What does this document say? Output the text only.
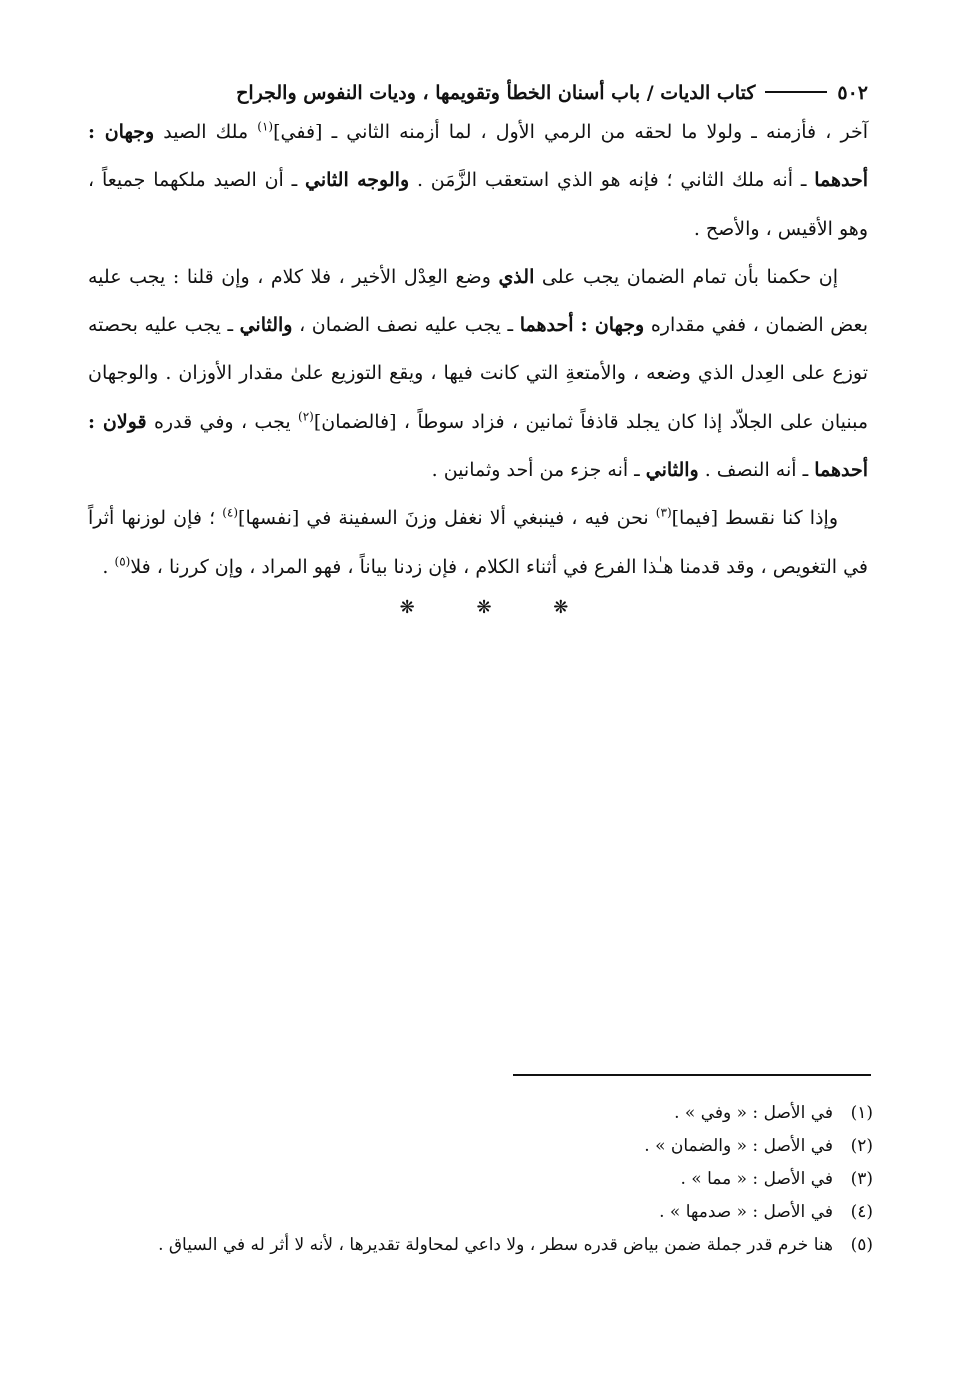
٥٠٢
كتاب الديات / باب أسنان الخطأ وتقويمها ، وديات النفوس والجراح

آخر ، فأزمنه ـ ولولا ما لحقه من الرمي الأول ، لما أزمنه الثاني ـ [ففي]$^{(١)}$ ملك الصيد وجهان : أحدهما ـ أنه ملك الثاني ؛ فإنه هو الذي استعقب الزَّمَن . والوجه الثاني ـ أن الصيد ملكهما جميعاً ، وهو الأقيس ، والأصح .

إن حكمنا بأن تمام الضمان يجب على الذي وضع العِدْل الأخير ، فلا كلام ، وإن قلنا : يجب عليه بعض الضمان ، ففي مقداره وجهان : أحدهما ـ يجب عليه نصف الضمان ، والثاني ـ يجب عليه بحصته توزع على العِدل الذي وضعه ، والأمتعةِ التي كانت فيها ، ويقع التوزيع علىٰ مقدار الأوزان . والوجهان مبنيان على الجلاّد إذا كان يجلد قاذفاً ثمانين ، فزاد سوطاً ، [فالضمان]$^{(٢)}$ يجب ، وفي قدره قولان : أحدهما ـ أنه النصف . والثاني ـ أنه جزء من أحد وثمانين .

وإذا كنا نقسط [فيما]$^{(٣)}$ نحن فيه ، فينبغي ألا نغفل وزنَ السفينة في [نفسها]$^{(٤)}$ ؛ فإن لوزنها أثراً في التغويص ، وقد قدمنا هـٰذا الفرع في أثناء الكلام ، فإن زدنا بياناً ، فهو المراد ، وإن كررنا ، فلا$^{(٥)}$ .

❋ ❋ ❋
(١)
في الأصل : « وفي » .
(٢)
في الأصل : « والضمان » .
(٣)
في الأصل : « مما » .
(٤)
في الأصل : « صدمها » .
(٥)
هنا خرم قدر جملة ضمن بياض قدره سطر ، ولا داعي لمحاولة تقديرها ، لأنه لا أثر له في السياق .
